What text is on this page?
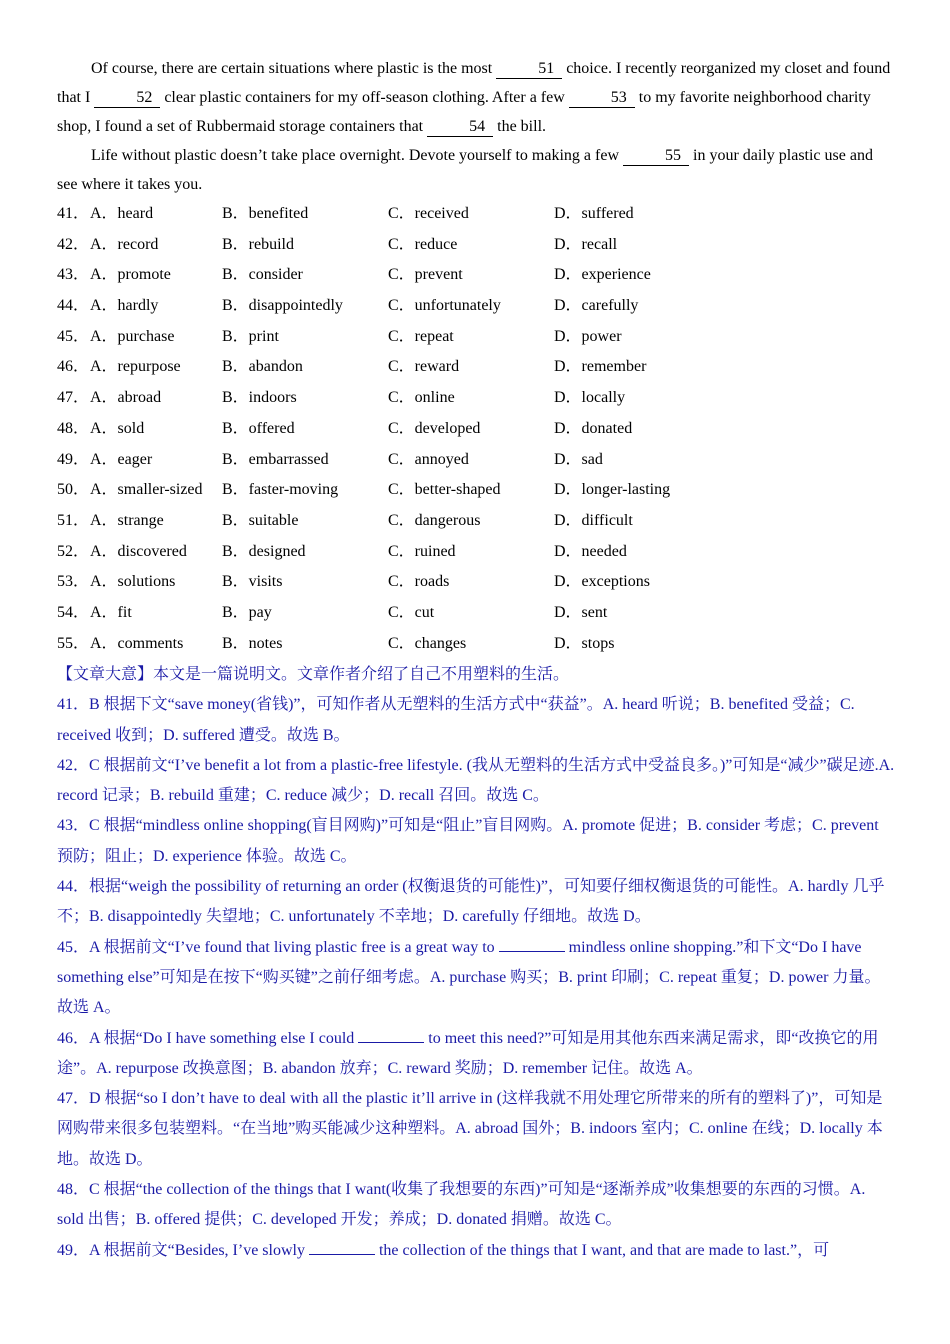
Of course, there are certain situations where plastic is the most	51 choice. I recently reorganized my closet and found that I	52 clear plastic containers for my off-season clothing. After a few	53 to my favorite neighborhood charity shop, I found a set of Rubbermaid storage containers that	54 the bill.

Life without plastic doesn’t take place overnight. Devote yourself to making a few	55 in your daily plastic use and see where it takes you.

41． A．heard	B．benefited	C．received	D．suffered
42． A．record	B．rebuild	C．reduce	D．recall
43． A．promote	B．consider	C．prevent	D．experience
44． A．hardly	B．disappointedly	C．unfortunately	D．carefully
45． A．purchase	B．print	C．repeat	D．power
46． A．repurpose	B．abandon	C．reward	D．remember
47． A．abroad	B．indoors	C．online	D．locally
48． A．sold	B．offered	C．developed	D．donated
49． A．eager	B．embarrassed	C．annoyed	D．sad
50． A．smaller-sized B．faster-moving	C．better-shaped	D．longer-lasting
51． A．strange	B．suitable	C．dangerous	D．difficult
52． A．discovered B．designed	C．ruined	D．needed
53． A．solutions	B．visits	C．roads	D．exceptions
54． A．fit	B．pay	C．cut	D．sent
55． A．comments B．notes	C．changes	D．stops

【文章大意】本文是一篇说明文。文章作者介绍了自己不用塑料的生活。

41．B 根据下文“save money(省钱)”，可知作者从无塑料的生活方式中“获益”。A. heard 听说；B. benefited 受益；C. received 收到；D. suffered 遭受。故选 B。

42．C 根据前文“I’ve benefit a lot from a plastic-free lifestyle. (我从无塑料的生活方式中受益良多。)”可知是“减少”碳足迹.A. record 记录；B. rebuild 重建；C. reduce 减少；D. recall 召回。故选 C。

43．C 根据“mindless online shopping(盲目网购)”可知是“阻止”盲目网购。A. promote 促进；B. consider 考虑；C. prevent 预防；阻止；D. experience 体验。故选 C。

44．根据“weigh the possibility of returning an order (权衡退货的可能性)”，可知要仔细权衡退货的可能性。A. hardly 几乎不；B. disappointedly 失望地；C. unfortunately 不幸地；D. carefully 仔细地。故选 D。

45．A 根据前文“I’ve found that living plastic free is a great way to	mindless online shopping.”和下文“Do I have something else”可知是在按下“购买键”之前仔细考虑。A. purchase 购买；B. print 印刷；C. repeat 重复；D. power 力量。故选 A。

46．A 根据“Do I have something else I could	to meet this need?”可知是用其他东西来满足需求，即“改换它的用途”。A. repurpose 改换意图；B. abandon 放弃；C. reward 奖励；D. remember 记住。故选 A。

47．D 根据“so I don’t have to deal with all the plastic it’ll arrive in (这样我就不用处理它所带来的所有的塑料了)”，可知是网购带来很多包装塑料。“在当地”购买能减少这种塑料。A. abroad 国外；B. indoors 室内；C. online 在线；D. locally 本地。故选 D。

48．C 根据“the collection of the things that I want(收集了我想要的东西)”可知是“逐渐养成”收集想要的东西的习惯。A. sold 出售；B. offered 提供；C. developed 开发；养成；D. donated 捐赠。故选 C。

49．A 根据前文“Besides, I’ve slowly	the collection of the things that I want, and that are made to last.”，可
